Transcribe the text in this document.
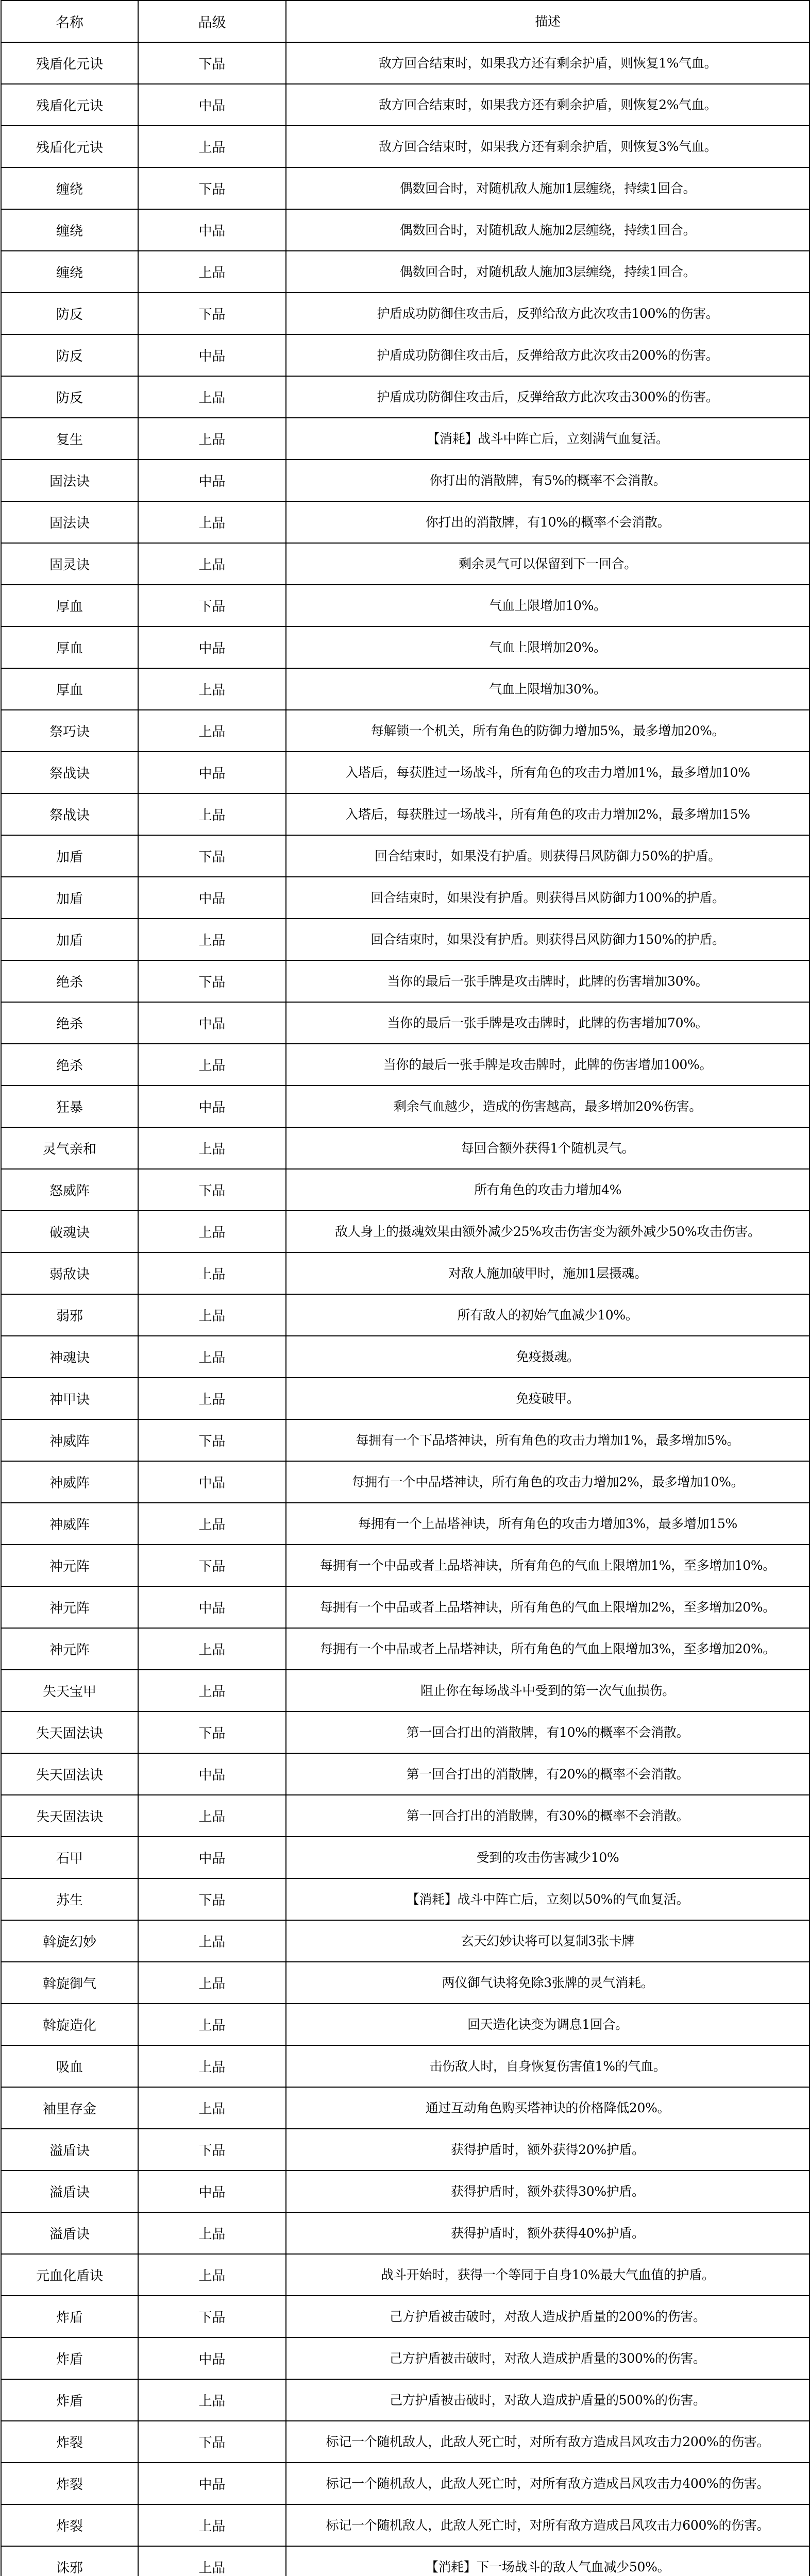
名称	品级	描述
残盾化元诀	下品	敌方回合结束时，如果我方还有剩余护盾，则恢复1%气血。
残盾化元诀	中品	敌方回合结束时，如果我方还有剩余护盾，则恢复2%气血。
残盾化元诀	上品	敌方回合结束时，如果我方还有剩余护盾，则恢复3%气血。
缠绕	下品	偶数回合时，对随机敌人施加1层缠绕，持续1回合。
缠绕	中品	偶数回合时，对随机敌人施加2层缠绕，持续1回合。
缠绕	上品	偶数回合时，对随机敌人施加3层缠绕，持续1回合。
防反	下品	护盾成功防御住攻击后，反弹给敌方此次攻击100%的伤害。
防反	中品	护盾成功防御住攻击后，反弹给敌方此次攻击200%的伤害。
防反	上品	护盾成功防御住攻击后，反弹给敌方此次攻击300%的伤害。
复生	上品	【消耗】战斗中阵亡后，立刻满气血复活。
固法诀	中品	你打出的消散牌，有5%的概率不会消散。
固法诀	上品	你打出的消散牌，有10%的概率不会消散。
固灵诀	上品	剩余灵气可以保留到下一回合。
厚血	下品	气血上限增加10%。
厚血	中品	气血上限增加20%。
厚血	上品	气血上限增加30%。
祭巧诀	上品	每解锁一个机关，所有角色的防御力增加5%，最多增加20%。
祭战诀	中品	入塔后，每获胜过一场战斗，所有角色的攻击力增加1%，最多增加10%
祭战诀	上品	入塔后，每获胜过一场战斗，所有角色的攻击力增加2%，最多增加15%
加盾	下品	回合结束时，如果没有护盾。则获得吕风防御力50%的护盾。
加盾	中品	回合结束时，如果没有护盾。则获得吕风防御力100%的护盾。
加盾	上品	回合结束时，如果没有护盾。则获得吕风防御力150%的护盾。
绝杀	下品	当你的最后一张手牌是攻击牌时，此牌的伤害增加30%。
绝杀	中品	当你的最后一张手牌是攻击牌时，此牌的伤害增加70%。
绝杀	上品	当你的最后一张手牌是攻击牌时，此牌的伤害增加100%。
狂暴	中品	剩余气血越少，造成的伤害越高，最多增加20%伤害。
灵气亲和	上品	每回合额外获得1个随机灵气。
怒威阵	下品	所有角色的攻击力增加4%
破魂诀	上品	敌人身上的摄魂效果由额外减少25%攻击伤害变为额外减少50%攻击伤害。
弱敌诀	上品	对敌人施加破甲时，施加1层摄魂。
弱邪	上品	所有敌人的初始气血减少10%。
神魂诀	上品	免疫摄魂。
神甲诀	上品	免疫破甲。
神威阵	下品	每拥有一个下品塔神诀，所有角色的攻击力增加1%，最多增加5%。
神威阵	中品	每拥有一个中品塔神诀，所有角色的攻击力增加2%，最多增加10%。
神威阵	上品	每拥有一个上品塔神诀，所有角色的攻击力增加3%，最多增加15%
神元阵	下品	每拥有一个中品或者上品塔神诀，所有角色的气血上限增加1%，至多增加10%。
神元阵	中品	每拥有一个中品或者上品塔神诀，所有角色的气血上限增加2%，至多增加20%。
神元阵	上品	每拥有一个中品或者上品塔神诀，所有角色的气血上限增加3%，至多增加20%。
失天宝甲	上品	阻止你在每场战斗中受到的第一次气血损伤。
失天固法诀	下品	第一回合打出的消散牌，有10%的概率不会消散。
失天固法诀	中品	第一回合打出的消散牌，有20%的概率不会消散。
失天固法诀	上品	第一回合打出的消散牌，有30%的概率不会消散。
石甲	中品	受到的攻击伤害减少10%
苏生	下品	【消耗】战斗中阵亡后，立刻以50%的气血复活。
斡旋幻妙	上品	玄天幻妙诀将可以复制3张卡牌
斡旋御气	上品	两仪御气诀将免除3张牌的灵气消耗。
斡旋造化	上品	回天造化诀变为调息1回合。
吸血	上品	击伤敌人时，自身恢复伤害值1%的气血。
袖里存金	上品	通过互动角色购买塔神诀的价格降低20%。
溢盾诀	下品	获得护盾时，额外获得20%护盾。
溢盾诀	中品	获得护盾时，额外获得30%护盾。
溢盾诀	上品	获得护盾时，额外获得40%护盾。
元血化盾诀	上品	战斗开始时，获得一个等同于自身10%最大气血值的护盾。
炸盾	下品	己方护盾被击破时，对敌人造成护盾量的200%的伤害。
炸盾	中品	己方护盾被击破时，对敌人造成护盾量的300%的伤害。
炸盾	上品	己方护盾被击破时，对敌人造成护盾量的500%的伤害。
炸裂	下品	标记一个随机敌人，此敌人死亡时，对所有敌方造成吕风攻击力200%的伤害。
炸裂	中品	标记一个随机敌人，此敌人死亡时，对所有敌方造成吕风攻击力400%的伤害。
炸裂	上品	标记一个随机敌人，此敌人死亡时，对所有敌方造成吕风攻击力600%的伤害。
诛邪	上品	【消耗】下一场战斗的敌人气血减少50%。
